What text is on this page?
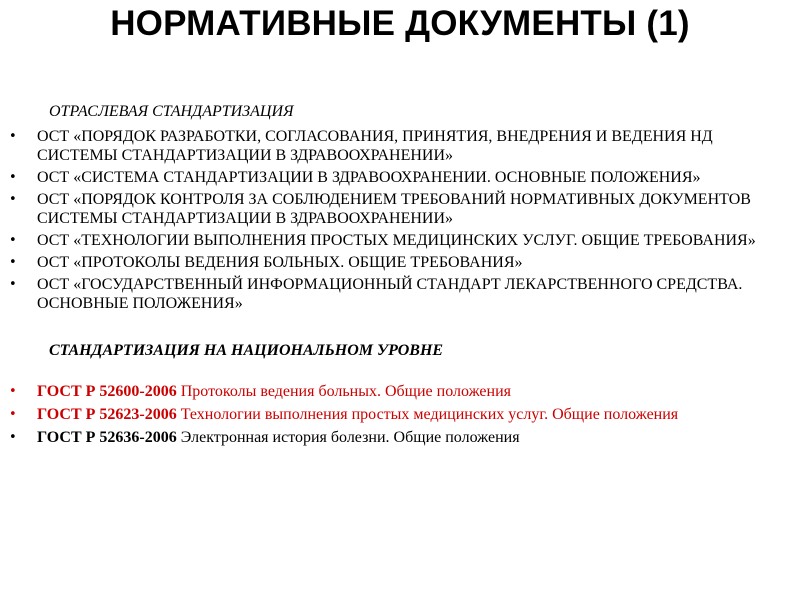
НОРМАТИВНЫЕ ДОКУМЕНТЫ (1)

ОТРАСЛЕВАЯ СТАНДАРТИЗАЦИЯ

•	ОСТ «ПОРЯДОК РАЗРАБОТКИ, СОГЛАСОВАНИЯ, ПРИНЯТИЯ, ВНЕДРЕНИЯ И ВЕДЕНИЯ НД СИСТЕМЫ СТАНДАРТИЗАЦИИ В ЗДРАВООХРАНЕНИИ»
•	ОСТ «СИСТЕМА СТАНДАРТИЗАЦИИ В ЗДРАВООХРАНЕНИИ. ОСНОВНЫЕ ПОЛОЖЕНИЯ»
•	ОСТ «ПОРЯДОК КОНТРОЛЯ ЗА СОБЛЮДЕНИЕМ ТРЕБОВАНИЙ НОРМАТИВНЫХ ДОКУМЕНТОВ СИСТЕМЫ СТАНДАРТИЗАЦИИ В ЗДРАВООХРАНЕНИИ»
•	ОСТ «ТЕХНОЛОГИИ ВЫПОЛНЕНИЯ ПРОСТЫХ МЕДИЦИНСКИХ УСЛУГ. ОБЩИЕ ТРЕБОВАНИЯ»
•	ОСТ «ПРОТОКОЛЫ ВЕДЕНИЯ БОЛЬНЫХ. ОБЩИЕ ТРЕБОВАНИЯ»
•	ОСТ «ГОСУДАРСТВЕННЫЙ ИНФОРМАЦИОННЫЙ СТАНДАРТ ЛЕКАРСТВЕННОГО СРЕДСТВА. ОСНОВНЫЕ ПОЛОЖЕНИЯ»

СТАНДАРТИЗАЦИЯ НА НАЦИОНАЛЬНОМ УРОВНЕ

•	ГОСТ Р 52600-2006 Протоколы ведения больных. Общие положения
•	ГОСТ Р 52623-2006 Технологии выполнения простых медицинских услуг. Общие положения
•	ГОСТ Р 52636-2006 Электронная история болезни. Общие положения
